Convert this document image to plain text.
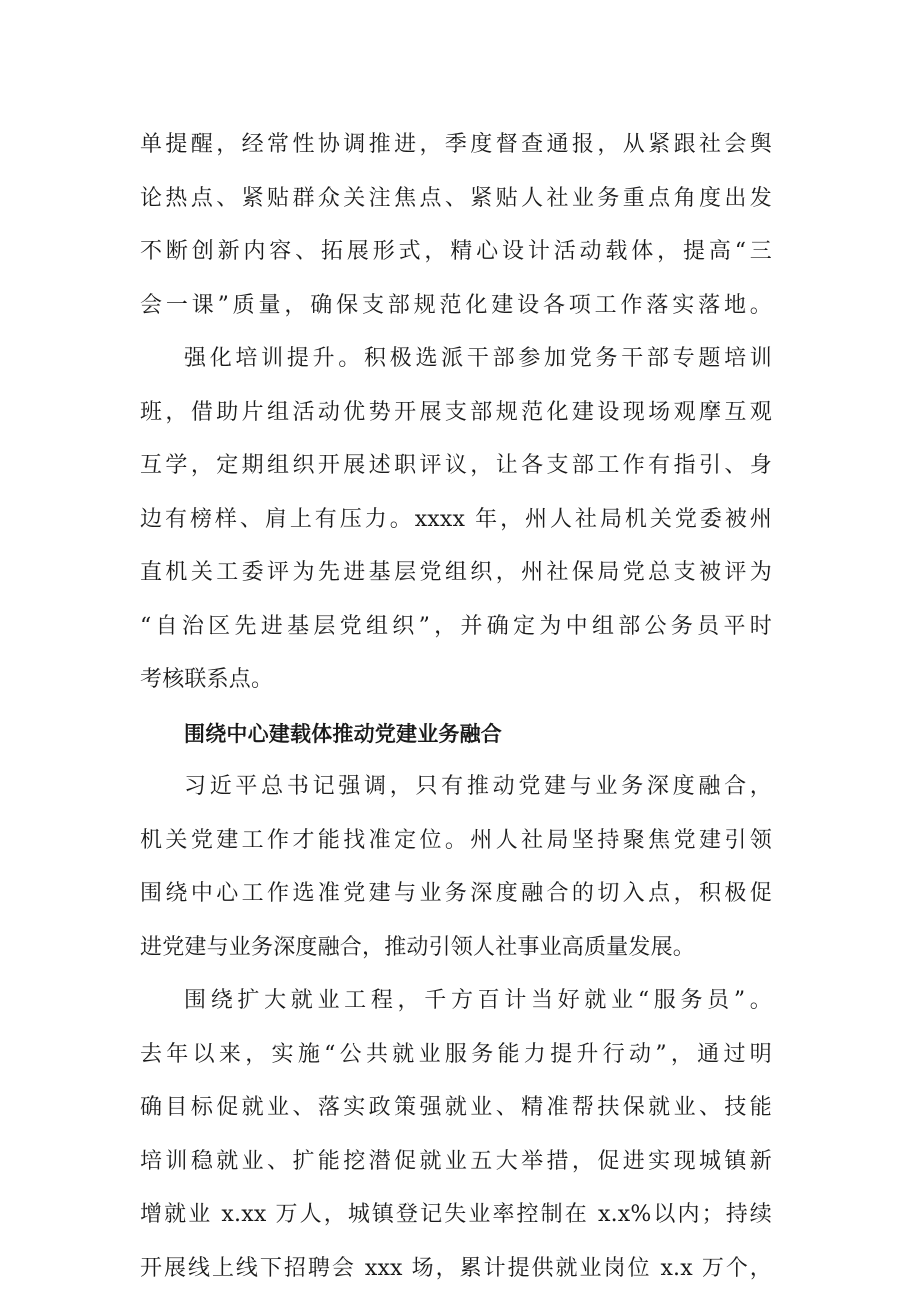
单提醒，经常性协调推进，季度督查通报，从紧跟社会舆
论热点、紧贴群众关注焦点、紧贴人社业务重点角度出发
不断创新内容、拓展形式，精心设计活动载体，提高“三
会一课”质量，确保支部规范化建设各项工作落实落地。
强化培训提升。积极选派干部参加党务干部专题培训
班，借助片组活动优势开展支部规范化建设现场观摩互观
互学，定期组织开展述职评议，让各支部工作有指引、身
边有榜样、肩上有压力。xxxx 年，州人社局机关党委被州
直机关工委评为先进基层党组织，州社保局党总支被评为
“自治区先进基层党组织”，并确定为中组部公务员平时
考核联系点。
围绕中心建载体推动党建业务融合
习近平总书记强调，只有推动党建与业务深度融合，
机关党建工作才能找准定位。州人社局坚持聚焦党建引领
围绕中心工作选准党建与业务深度融合的切入点，积极促
进党建与业务深度融合，推动引领人社事业高质量发展。
围绕扩大就业工程，千方百计当好就业“服务员”。
去年以来，实施“公共就业服务能力提升行动”，通过明
确目标促就业、落实政策强就业、精准帮扶保就业、技能
培训稳就业、扩能挖潜促就业五大举措，促进实现城镇新
增就业 x.xx 万人，城镇登记失业率控制在 x.x%以内；持续
开展线上线下招聘会 xxx 场，累计提供就业岗位 x.x 万个，
